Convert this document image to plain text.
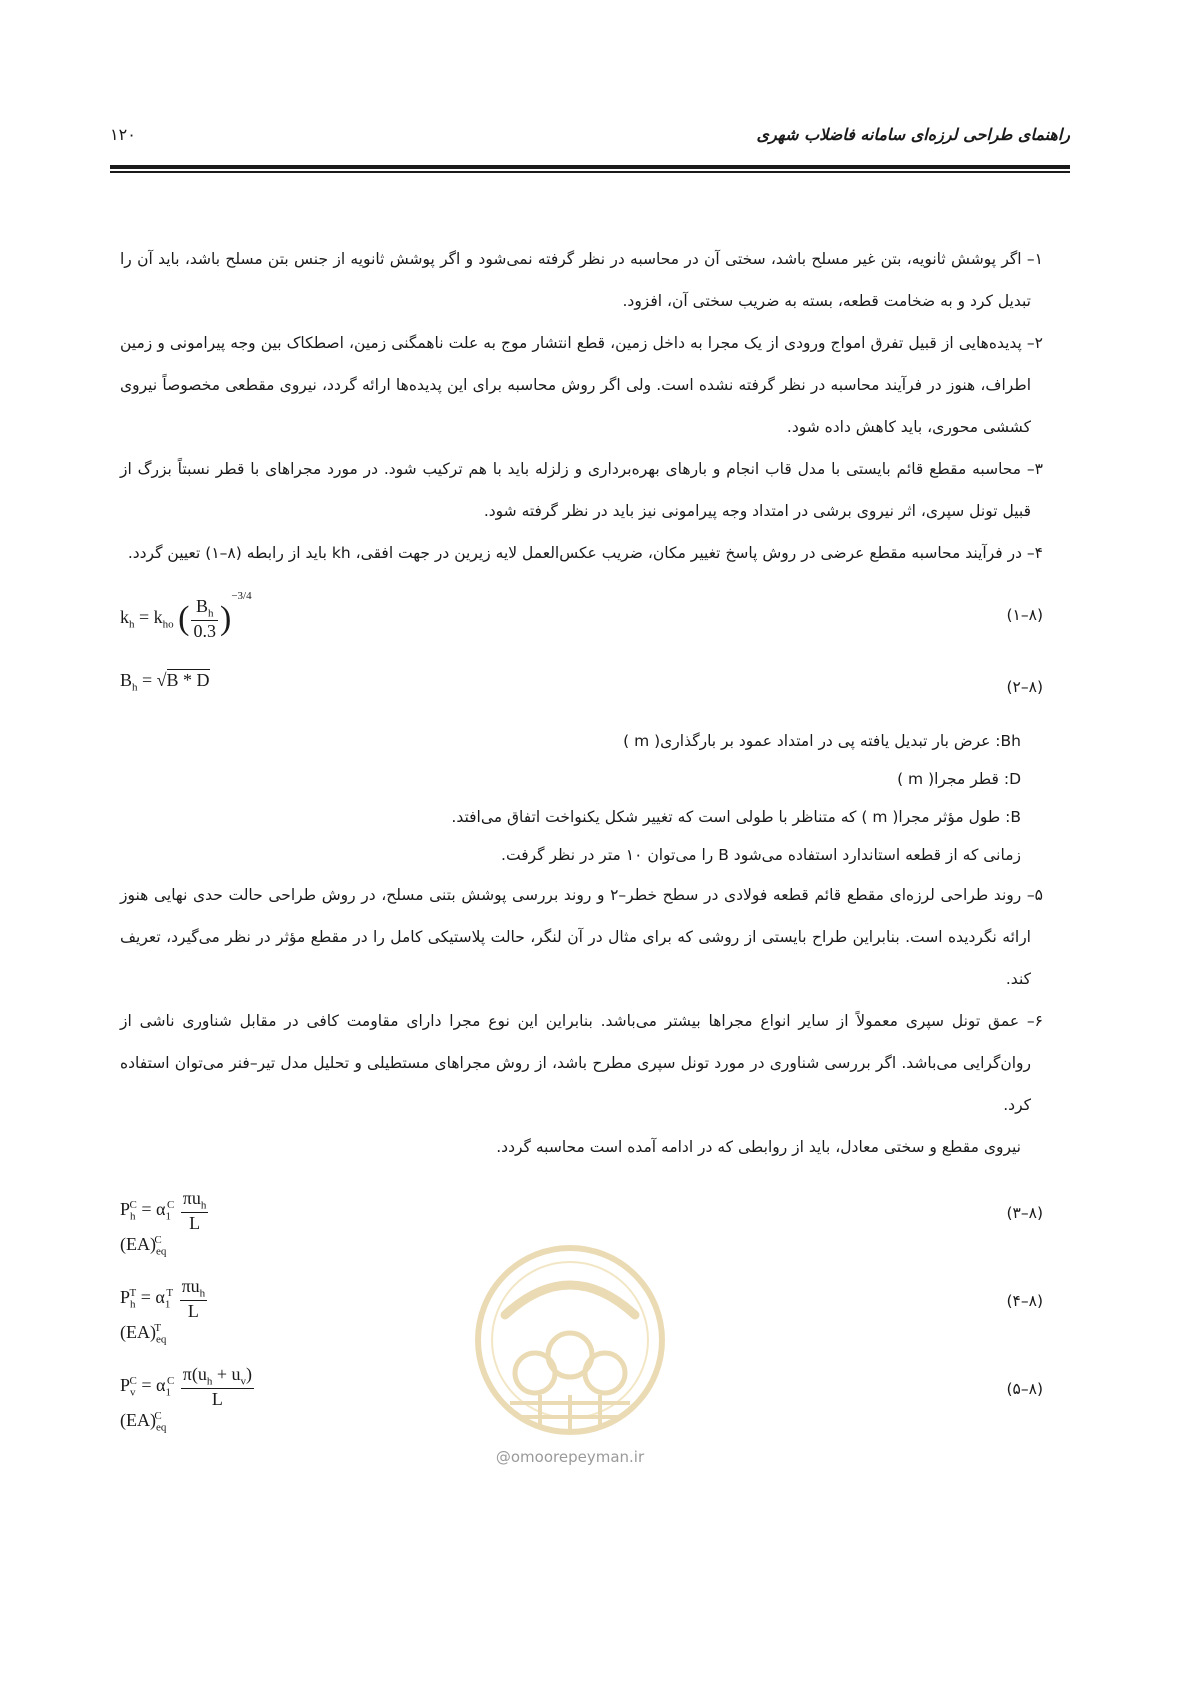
راهنمای طراحی لرزه‌ای سامانه فاضلاب شهری
۱۲۰

۱– اگر پوشش ثانویه، بتن غیر مسلح باشد، سختی آن در محاسبه در نظر گرفته نمی‌شود و اگر پوشش ثانویه از جنس بتن مسلح باشد، باید آن را تبدیل کرد و به ضخامت قطعه، بسته به ضریب سختی آن، افزود.

۲– پدیده‌هایی از قبیل تفرق امواج ورودی از یک مجرا به داخل زمین، قطع انتشار موج به علت ناهمگنی زمین، اصطکاک بین وجه پیرامونی و زمین اطراف، هنوز در فرآیند محاسبه در نظر گرفته نشده است. ولی اگر روش محاسبه برای این پدیده‌ها ارائه گردد، نیروی مقطعی مخصوصاً نیروی کششی محوری، باید کاهش داده شود.

۳– محاسبه مقطع قائم بایستی با مدل قاب انجام و بارهای بهره‌برداری و زلزله باید با هم ترکیب شود. در مورد مجراهای با قطر نسبتاً بزرگ از قبیل تونل سپری، اثر نیروی برشی در امتداد وجه پیرامونی نیز باید در نظر گرفته شود.

۴– در فرآیند محاسبه مقطع عرضی در روش پاسخ تغییر مکان، ضریب عکس‌العمل لایه زیرین در جهت افقی، kh باید از رابطه (۸–۱) تعیین گردد.

$k_h = k_{ho}$ ( $\frac{B_h}{0.3} )^{-3/4}$
(۸–۱)
$B_h = √B * D$	(۸–۲)

Bh: عرض بار تبدیل یافته پی در امتداد عمود بر بارگذاری( m )

D: قطر مجرا( m )

B: طول مؤثر مجرا( m ) که متناظر با طولی است که تغییر شکل یکنواخت اتفاق می‌افتد.

زمانی که از قطعه استاندارد استفاده می‌شود B را می‌توان ۱۰ متر در نظر گرفت.

۵– روند طراحی لرزه‌ای مقطع قائم قطعه فولادی در سطح خطر–۲ و روند بررسی پوشش بتنی مسلح، در روش طراحی حالت حدی نهایی هنوز ارائه نگردیده است. بنابراین طراح بایستی از روشی که برای مثال در آن لنگر، حالت پلاستیکی کامل را در مقطع مؤثر در نظر می‌گیرد، تعریف کند.

۶– عمق تونل سپری معمولاً از سایر انواع مجراها بیشتر می‌باشد. بنابراین این نوع مجرا دارای مقاومت کافی در مقابل شناوری ناشی از روان‌گرایی می‌باشد. اگر بررسی شناوری در مورد تونل سپری مطرح باشد، از روش مجراهای مستطیلی و تحلیل مدل تیر–فنر می‌توان استفاده کرد.

نیروی مقطع و سختی معادل، باید از روابطی که در ادامه آمده است محاسبه گردد.

$P_h^C = \alpha_1^C \frac{\pi u_h}{L}$
$(EA)_{eq}^C$
(۸–۳)
$P_h^T = \alpha_1^T \frac{\pi u_h}{L}$
$(EA)_{eq}^T$
(۸–۴)
$P_v^C = \alpha_1^C \frac{\pi(u_h + u_v)}{L}$
$(EA)_{eq}^C$
(۸–۵)
@omoorepeyman.ir
